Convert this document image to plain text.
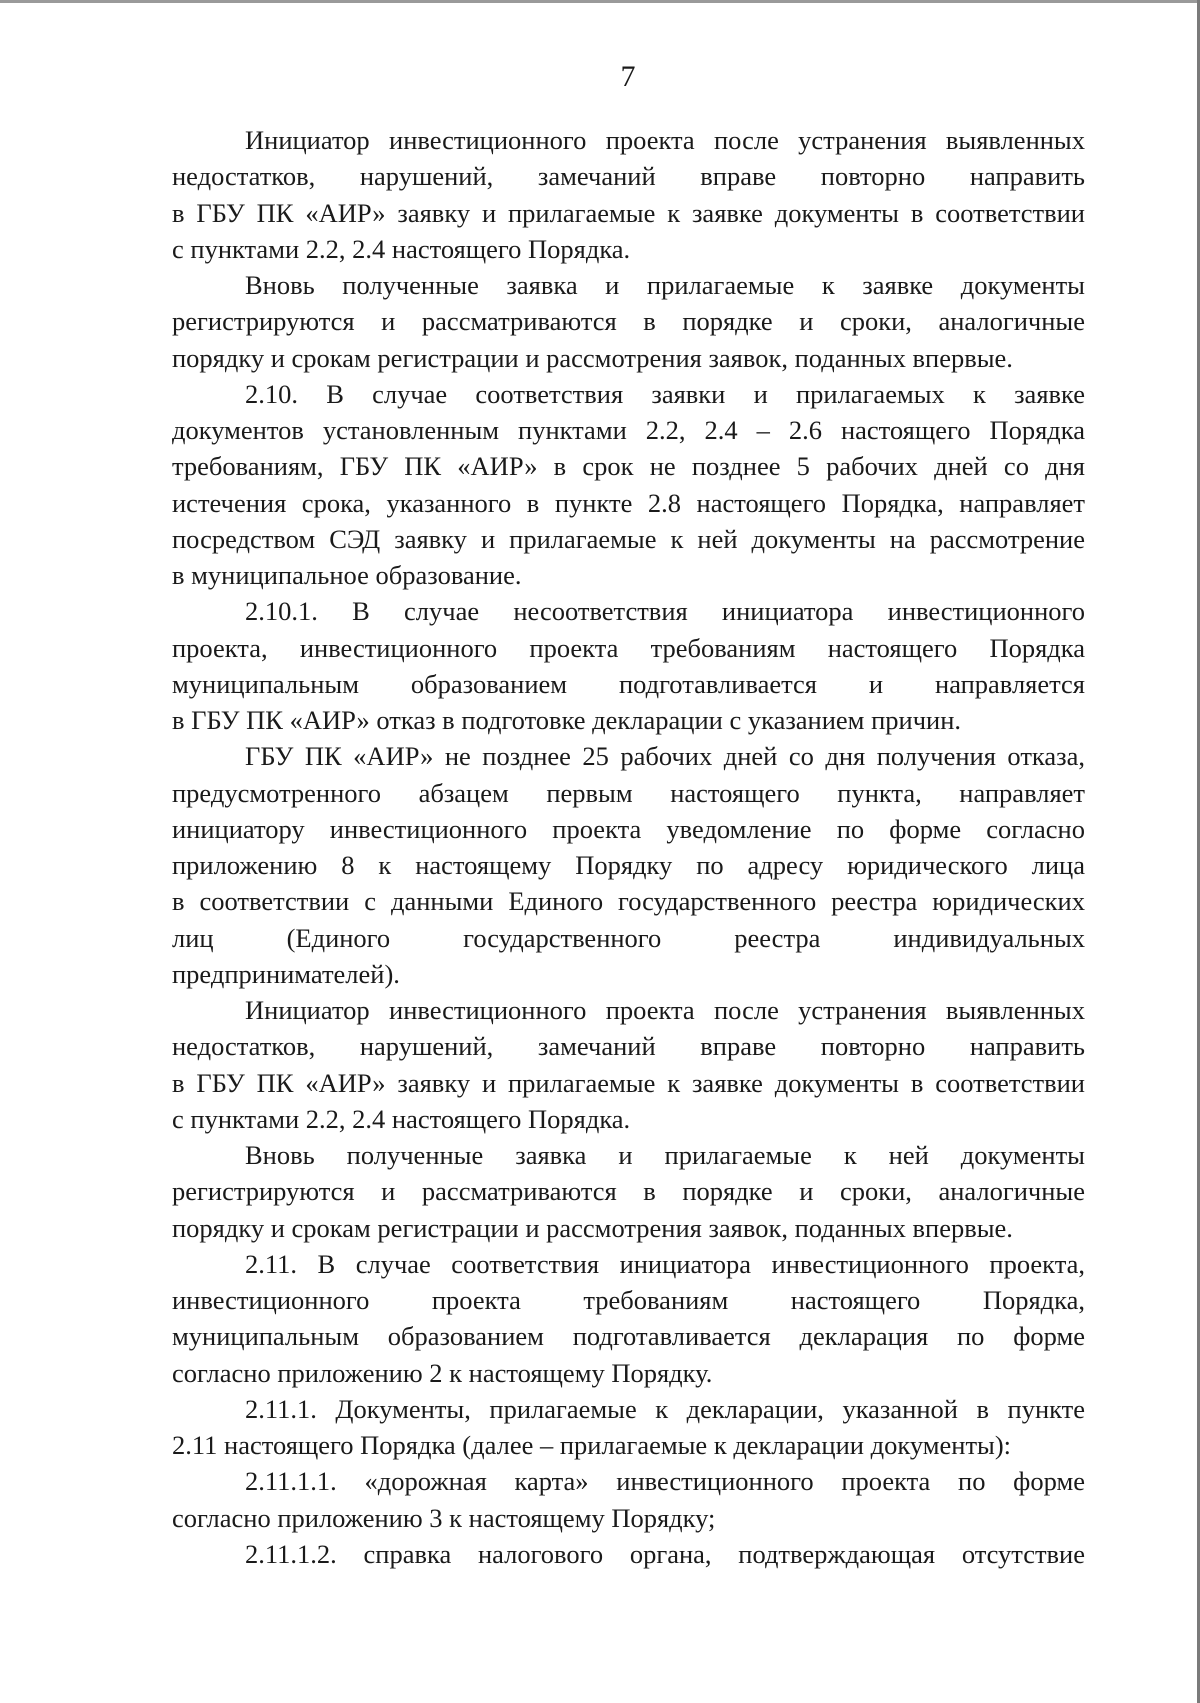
7

Инициатор инвестиционного проекта после устранения выявленных
недостатков, нарушений, замечаний вправе повторно направить
в ГБУ ПК «АИР» заявку и прилагаемые к заявке документы в соответствии
с пунктами 2.2, 2.4 настоящего Порядка.

Вновь полученные заявка и прилагаемые к заявке документы
регистрируются и рассматриваются в порядке и сроки, аналогичные
порядку и срокам регистрации и рассмотрения заявок, поданных впервые.

2.10. В случае соответствия заявки и прилагаемых к заявке
документов установленным пунктами 2.2, 2.4 – 2.6 настоящего Порядка
требованиям, ГБУ ПК «АИР» в срок не позднее 5 рабочих дней со дня
истечения срока, указанного в пункте 2.8 настоящего Порядка, направляет
посредством СЭД заявку и прилагаемые к ней документы на рассмотрение
в муниципальное образование.

2.10.1. В случае несоответствия инициатора инвестиционного
проекта, инвестиционного проекта требованиям настоящего Порядка
муниципальным образованием подготавливается и направляется
в ГБУ ПК «АИР» отказ в подготовке декларации с указанием причин.

ГБУ ПК «АИР» не позднее 25 рабочих дней со дня получения отказа,
предусмотренного абзацем первым настоящего пункта, направляет
инициатору инвестиционного проекта уведомление по форме согласно
приложению 8 к настоящему Порядку по адресу юридического лица
в соответствии с данными Единого государственного реестра юридических
лиц (Единого государственного реестра индивидуальных
предпринимателей).

Инициатор инвестиционного проекта после устранения выявленных
недостатков, нарушений, замечаний вправе повторно направить
в ГБУ ПК «АИР» заявку и прилагаемые к заявке документы в соответствии
с пунктами 2.2, 2.4 настоящего Порядка.

Вновь полученные заявка и прилагаемые к ней документы
регистрируются и рассматриваются в порядке и сроки, аналогичные
порядку и срокам регистрации и рассмотрения заявок, поданных впервые.

2.11. В случае соответствия инициатора инвестиционного проекта,
инвестиционного проекта требованиям настоящего Порядка,
муниципальным образованием подготавливается декларация по форме
согласно приложению 2 к настоящему Порядку.

2.11.1. Документы, прилагаемые к декларации, указанной в пункте
2.11 настоящего Порядка (далее – прилагаемые к декларации документы):

2.11.1.1. «дорожная карта» инвестиционного проекта по форме
согласно приложению 3 к настоящему Порядку;

2.11.1.2. справка налогового органа, подтверждающая отсутствие
